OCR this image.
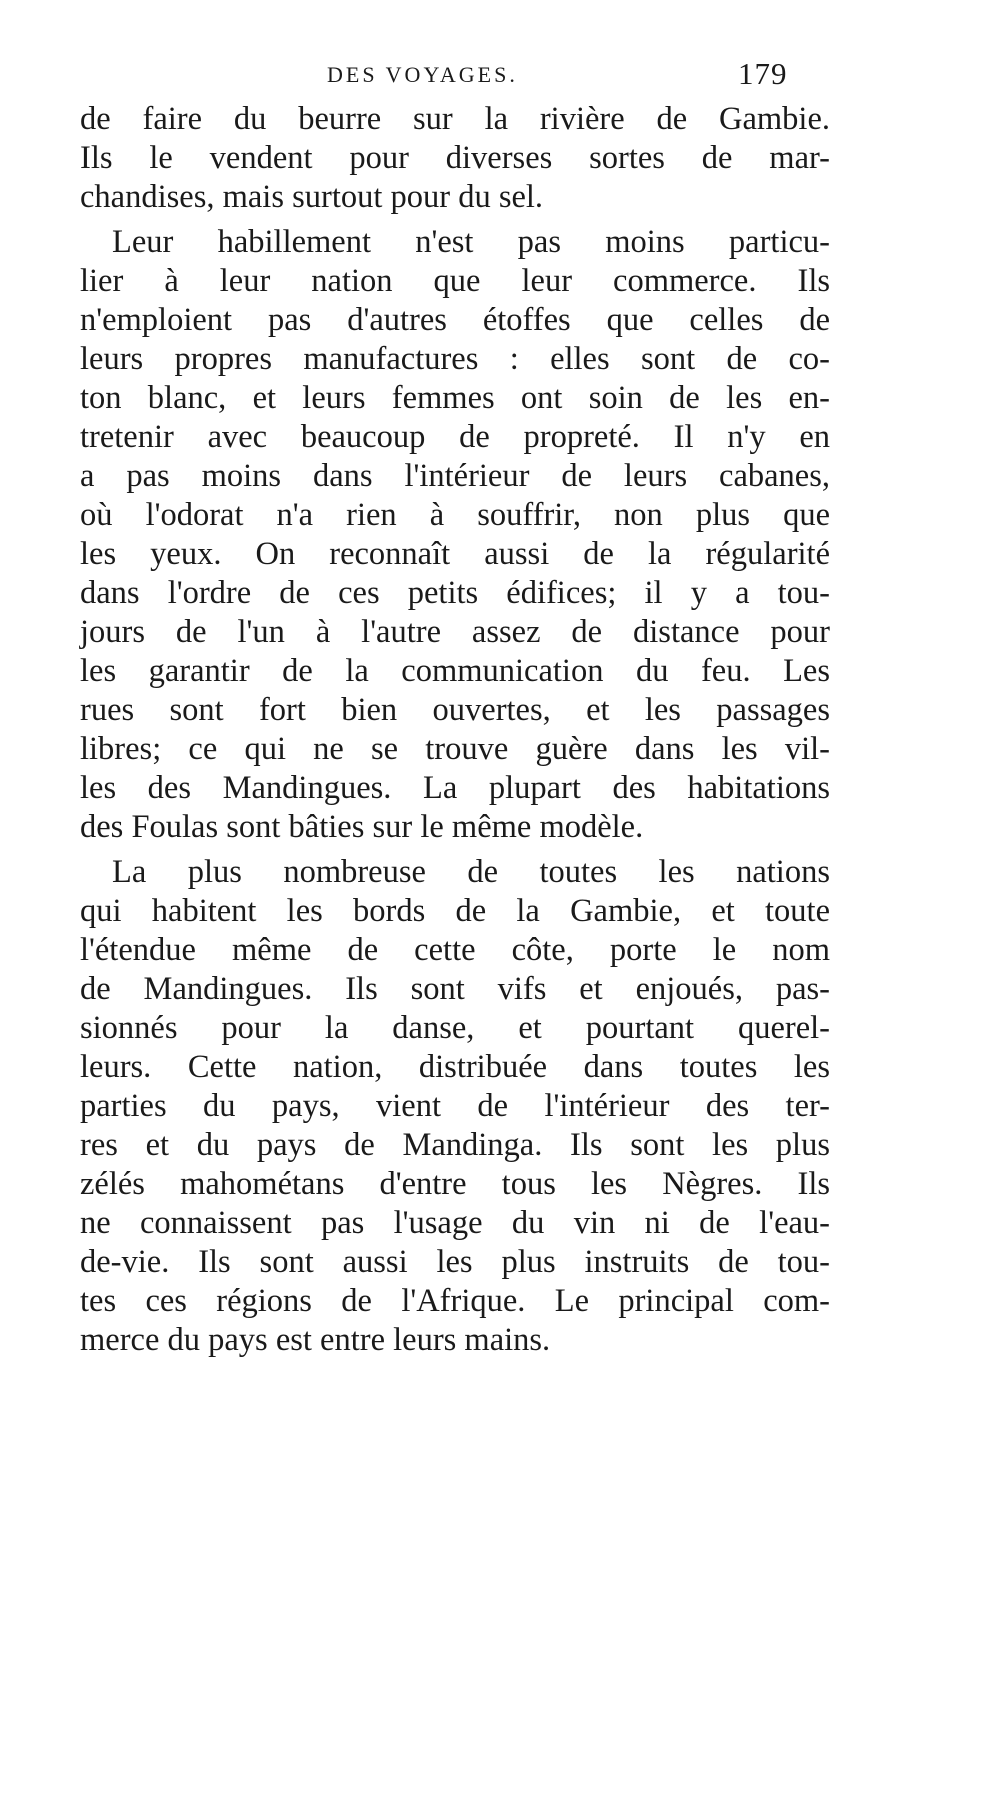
DES VOYAGES.	179
de faire du beurre sur la rivière de Gambie.
Ils le vendent pour diverses sortes de mar-
chandises, mais surtout pour du sel.
Leur habillement n'est pas moins particu-
lier à leur nation que leur commerce. Ils
n'emploient pas d'autres étoffes que celles de
leurs propres manufactures : elles sont de co-
ton blanc, et leurs femmes ont soin de les en-
tretenir avec beaucoup de propreté. Il n'y en
a pas moins dans l'intérieur de leurs cabanes,
où l'odorat n'a rien à souffrir, non plus que
les yeux. On reconnaît aussi de la régularité
dans l'ordre de ces petits édifices; il y a tou-
jours de l'un à l'autre assez de distance pour
les garantir de la communication du feu. Les
rues sont fort bien ouvertes, et les passages
libres; ce qui ne se trouve guère dans les vil-
les des Mandingues. La plupart des habitations
des Foulas sont bâties sur le même modèle.
La plus nombreuse de toutes les nations
qui habitent les bords de la Gambie, et toute
l'étendue même de cette côte, porte le nom
de Mandingues. Ils sont vifs et enjoués, pas-
sionnés pour la danse, et pourtant querel-
leurs. Cette nation, distribuée dans toutes les
parties du pays, vient de l'intérieur des ter-
res et du pays de Mandinga. Ils sont les plus
zélés mahométans d'entre tous les Nègres. Ils
ne connaissent pas l'usage du vin ni de l'eau-
de-vie. Ils sont aussi les plus instruits de tou-
tes ces régions de l'Afrique. Le principal com-
merce du pays est entre leurs mains.
